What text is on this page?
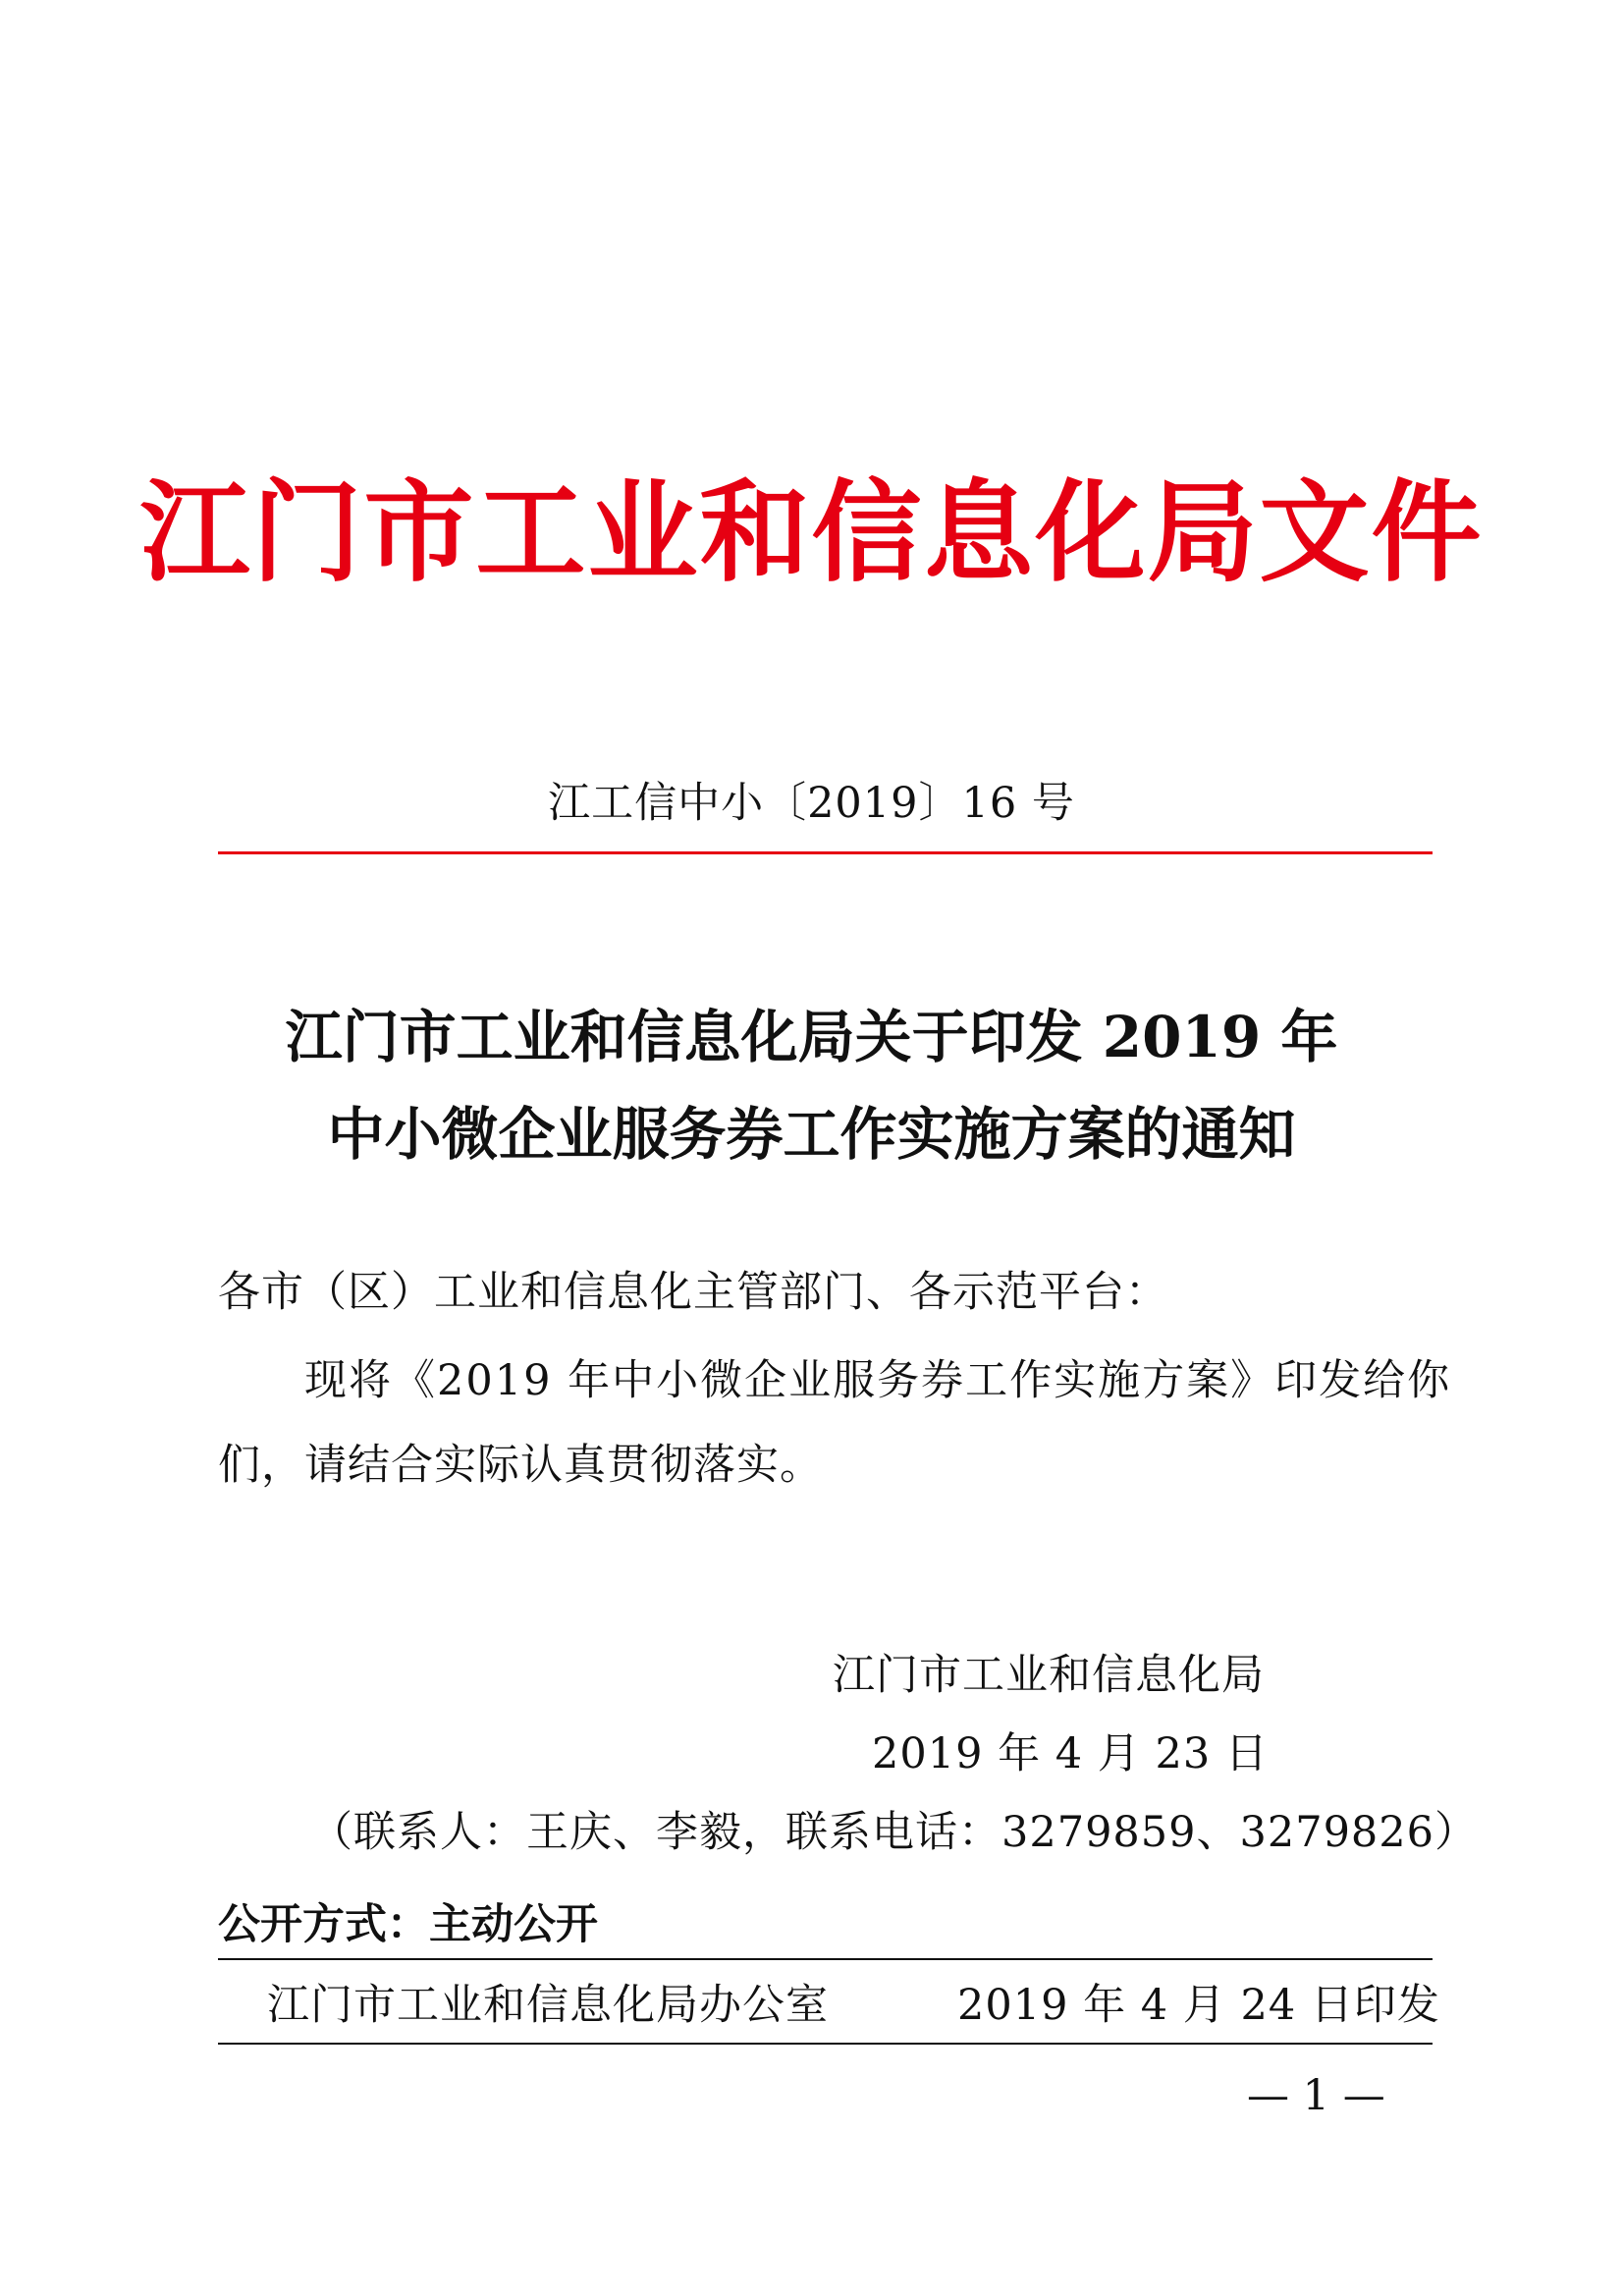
江门市工业和信息化局文件
江工信中小〔2019〕16 号
江门市工业和信息化局关于印发 2019 年
中小微企业服务券工作实施方案的通知
各市（区）工业和信息化主管部门、各示范平台：
现将《2019 年中小微企业服务券工作实施方案》印发给你
们，请结合实际认真贯彻落实。
江门市工业和信息化局
2019 年 4 月 23 日
（联系人：王庆、李毅，联系电话：3279859、3279826）
公开方式：主动公开
江门市工业和信息化局办公室	2019 年 4 月 24 日印发
— 1 —
